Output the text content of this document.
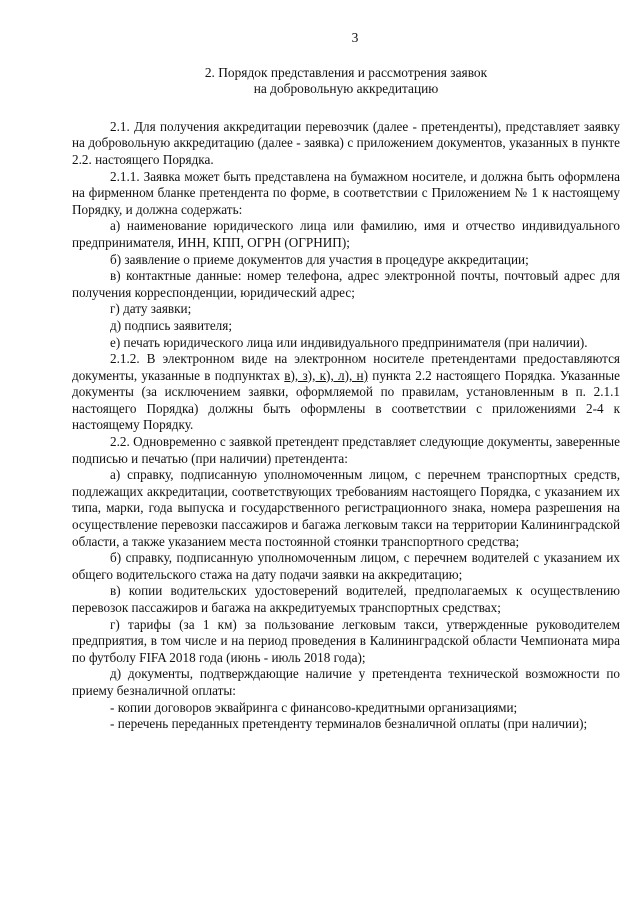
3
2. Порядок представления и рассмотрения заявок
на добровольную аккредитацию

2.1. Для получения аккредитации перевозчик (далее - претенденты), представляет заявку на добровольную аккредитацию (далее - заявка) с приложением документов, указанных в пункте 2.2. настоящего Порядка.

2.1.1. Заявка может быть представлена на бумажном носителе, и должна быть оформлена на фирменном бланке претендента по форме, в соответствии с Приложением № 1 к настоящему Порядку, и должна содержать:

а) наименование юридического лица или фамилию, имя и отчество индивидуального предпринимателя, ИНН, КПП, ОГРН (ОГРНИП);

б) заявление о приеме документов для участия в процедуре аккредитации;

в) контактные данные: номер телефона, адрес электронной почты, почтовый адрес для получения корреспонденции, юридический адрес;

г) дату заявки;

д) подпись заявителя;

е) печать юридического лица или индивидуального предпринимателя (при наличии).

2.1.2. В электронном виде на электронном носителе претендентами предоставляются документы, указанные в подпунктах в), з), к), л), н) пункта 2.2 настоящего Порядка. Указанные документы (за исключением заявки, оформляемой по правилам, установленным в п. 2.1.1 настоящего Порядка) должны быть оформлены в соответствии с приложениями 2-4 к настоящему Порядку.

2.2. Одновременно с заявкой претендент представляет следующие документы, заверенные подписью и печатью (при наличии) претендента:

а) справку, подписанную уполномоченным лицом, с перечнем транспортных средств, подлежащих аккредитации, соответствующих требованиям настоящего Порядка, с указанием их типа, марки, года выпуска и государственного регистрационного знака, номера разрешения на осуществление перевозки пассажиров и багажа легковым такси на территории Калининградской области, а также указанием места постоянной стоянки транспортного средства;

б) справку, подписанную уполномоченным лицом, с перечнем водителей с указанием их общего водительского стажа на дату подачи заявки на аккредитацию;

в) копии водительских удостоверений водителей, предполагаемых к осуществлению перевозок пассажиров и багажа на аккредитуемых транспортных средствах;

г) тарифы (за 1 км) за пользование легковым такси, утвержденные руководителем предприятия, в том числе и на период проведения в Калининградской области Чемпионата мира по футболу FIFA 2018 года (июнь - июль 2018 года);

д) документы, подтверждающие наличие у претендента технической возможности по приему безналичной оплаты:

- копии договоров эквайринга с финансово-кредитными организациями;

- перечень переданных претенденту терминалов безналичной оплаты (при наличии);
